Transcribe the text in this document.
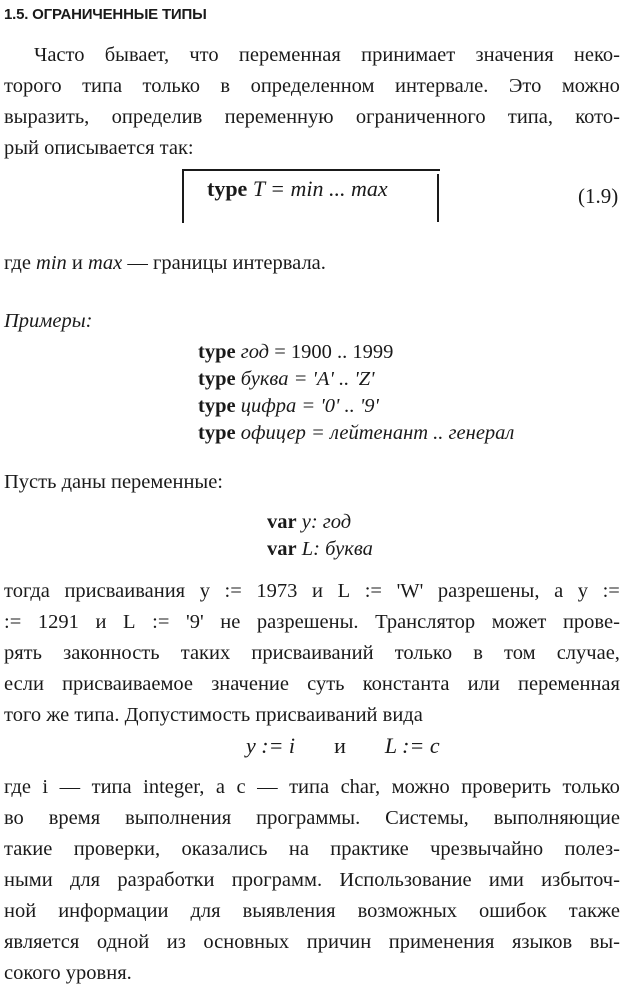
1.5. ОГРАНИЧЕННЫЕ ТИПЫ
Часто бывает, что переменная принимает значения неко-
торого типа только в определенном интервале. Это можно
выразить, определив переменную ограниченного типа, кото-
рый описывается так:
type T = min ... max	(1.9)
где min и max — границы интервала.
Примеры:
type год = 1900 .. 1999
type буква = 'A' .. 'Z'
type цифра = '0' .. '9'
type офицер = лейтенант .. генерал
Пусть даны переменные:
var y: год
var L: буква
тогда присваивания y := 1973 и L := 'W' разрешены, а y :=
:= 1291 и L := '9' не разрешены. Транслятор может прове-
рять законность таких присваиваний только в том случае,
если присваиваемое значение суть константа или переменная
того же типа. Допустимость присваиваний вида
y := i и L := c
где i — типа integer, а c — типа char, можно проверить только
во время выполнения программы. Системы, выполняющие
такие проверки, оказались на практике чрезвычайно полез-
ными для разработки программ. Использование ими избыточ-
ной информации для выявления возможных ошибок также
является одной из основных причин применения языков вы-
сокого уровня.
